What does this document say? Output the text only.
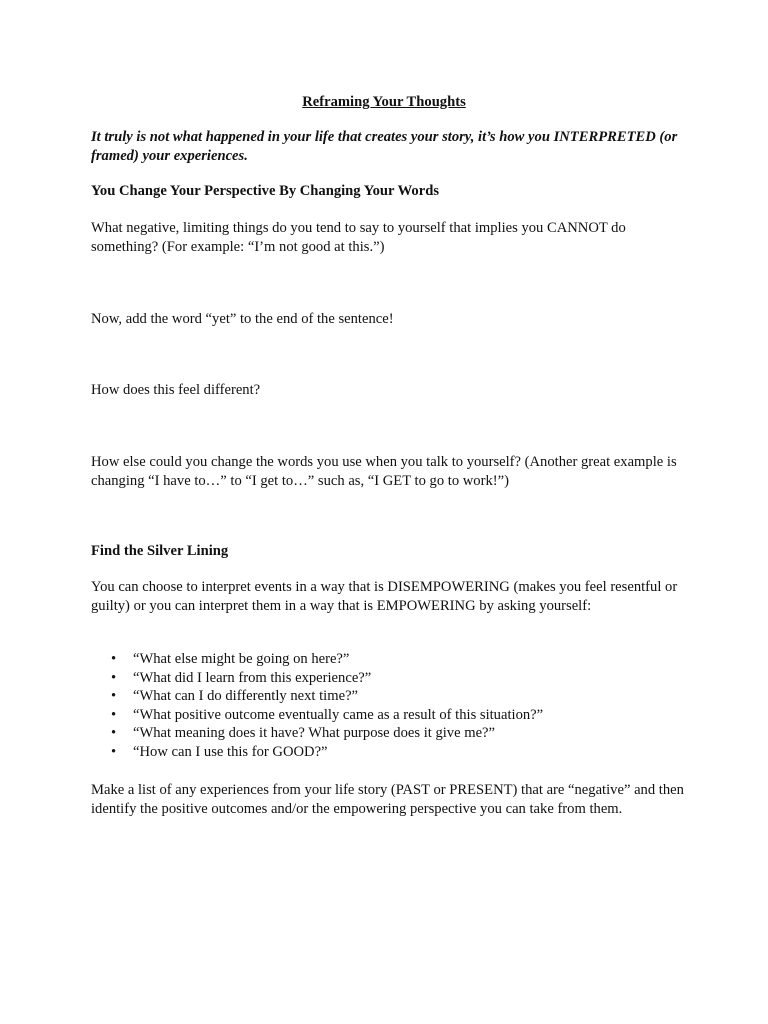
Reframing Your Thoughts

It truly is not what happened in your life that creates your story, it’s how you INTERPRETED (or framed) your experiences.

You Change Your Perspective By Changing Your Words

What negative, limiting things do you tend to say to yourself that implies you CANNOT do something? (For example: “I’m not good at this.”)

Now, add the word “yet” to the end of the sentence!

How does this feel different?

How else could you change the words you use when you talk to yourself? (Another great example is changing “I have to…” to “I get to…” such as, “I GET to go to work!”)

Find the Silver Lining

You can choose to interpret events in a way that is DISEMPOWERING (makes you feel resentful or guilty) or you can interpret them in a way that is EMPOWERING by asking yourself:

• “What else might be going on here?”
• “What did I learn from this experience?”
• “What can I do differently next time?”
• “What positive outcome eventually came as a result of this situation?”
• “What meaning does it have? What purpose does it give me?”
• “How can I use this for GOOD?”

Make a list of any experiences from your life story (PAST or PRESENT) that are “negative” and then identify the positive outcomes and/or the empowering perspective you can take from them.
